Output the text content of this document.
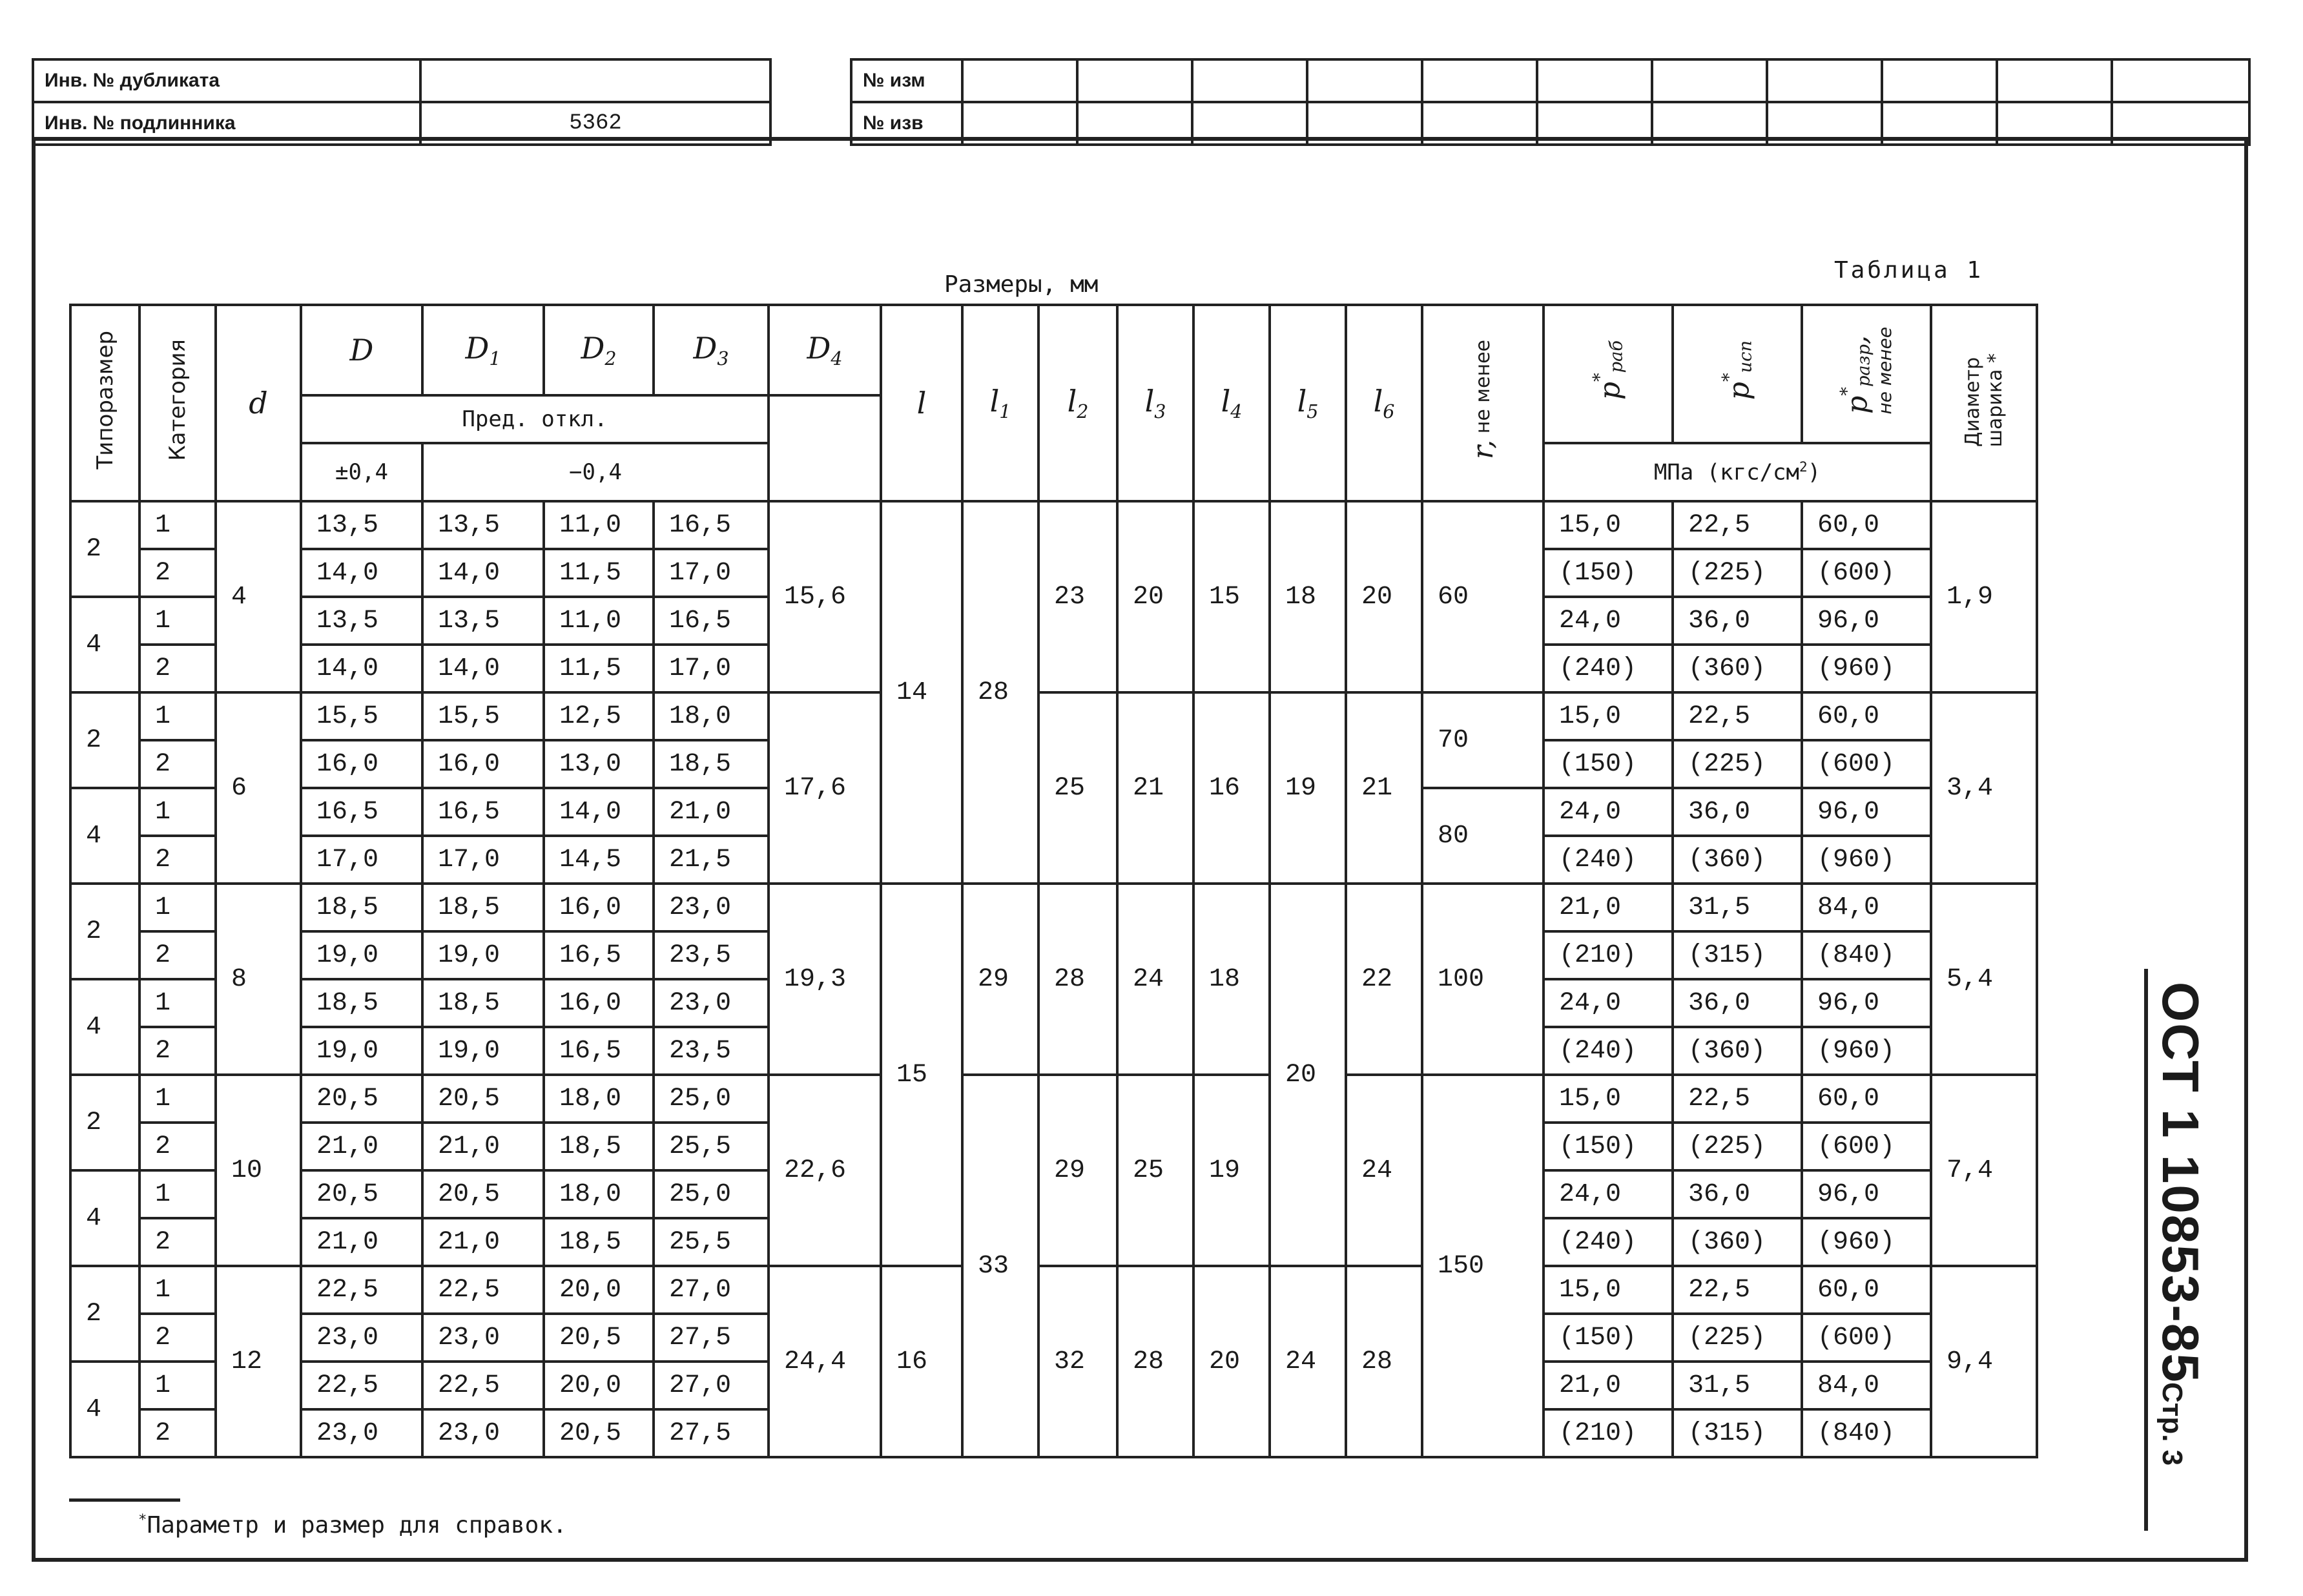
Инв. № дубликата	
Инв. № подлинника	5362
№ изм											
№ изв											
Размеры, мм
Таблица 1
Типоразмер	Категория	d	D	$D_1$	$D_2$	$D_3$	$D_4$	l	$l_1$	$l_2$	$l_3$	$l_4$	$l_5$	$l_6$	r, не менее	$p^*_{раб}$	$p^*_{исп}$	$p^*_{разр},не$ менее	Диаметршарика *
			Пред. откл.																
			±0,4	−0,4												МПа $(кгс/см^2)$			
2	1	4	13,5	13,5	11,0	16,5	15,6	14	28	23	20	15	18	20	60	15,0	22,5	60,0	1,9
	2		14,0	14,0	11,5	17,0										(150)	(225)	(600)	
4	1		13,5	13,5	11,0	16,5										24,0	36,0	96,0	
	2		14,0	14,0	11,5	17,0										(240)	(360)	(960)	
2	1	6	15,5	15,5	12,5	18,0	17,6			25	21	16	19	21	70	15,0	22,5	60,0	3,4
	2		16,0	16,0	13,0	18,5										(150)	(225)	(600)	
4	1		16,5	16,5	14,0	21,0									80	24,0	36,0	96,0	
	2		17,0	17,0	14,5	21,5										(240)	(360)	(960)	
2	1	8	18,5	18,5	16,0	23,0	19,3	15	29	28	24	18	20	22	100	21,0	31,5	84,0	5,4
	2		19,0	19,0	16,5	23,5										(210)	(315)	(840)	
4	1		18,5	18,5	16,0	23,0										24,0	36,0	96,0	
	2		19,0	19,0	16,5	23,5										(240)	(360)	(960)	
2	1	10	20,5	20,5	18,0	25,0	22,6		33	29	25	19		24	150	15,0	22,5	60,0	7,4
	2		21,0	21,0	18,5	25,5										(150)	(225)	(600)	
4	1		20,5	20,5	18,0	25,0										24,0	36,0	96,0	
	2		21,0	21,0	18,5	25,5										(240)	(360)	(960)	
2	1	12	22,5	22,5	20,0	27,0	24,4	16		32	28	20	24	28		15,0	22,5	60,0	9,4
	2		23,0	23,0	20,5	27,5										(150)	(225)	(600)	
4	1		22,5	22,5	20,0	27,0										21,0	31,5	84,0	
	2		23,0	23,0	20,5	27,5										(210)	(315)	(840)	
*Параметр и размер для справок.
ОСТ 1 10853-85
Стр. 3
